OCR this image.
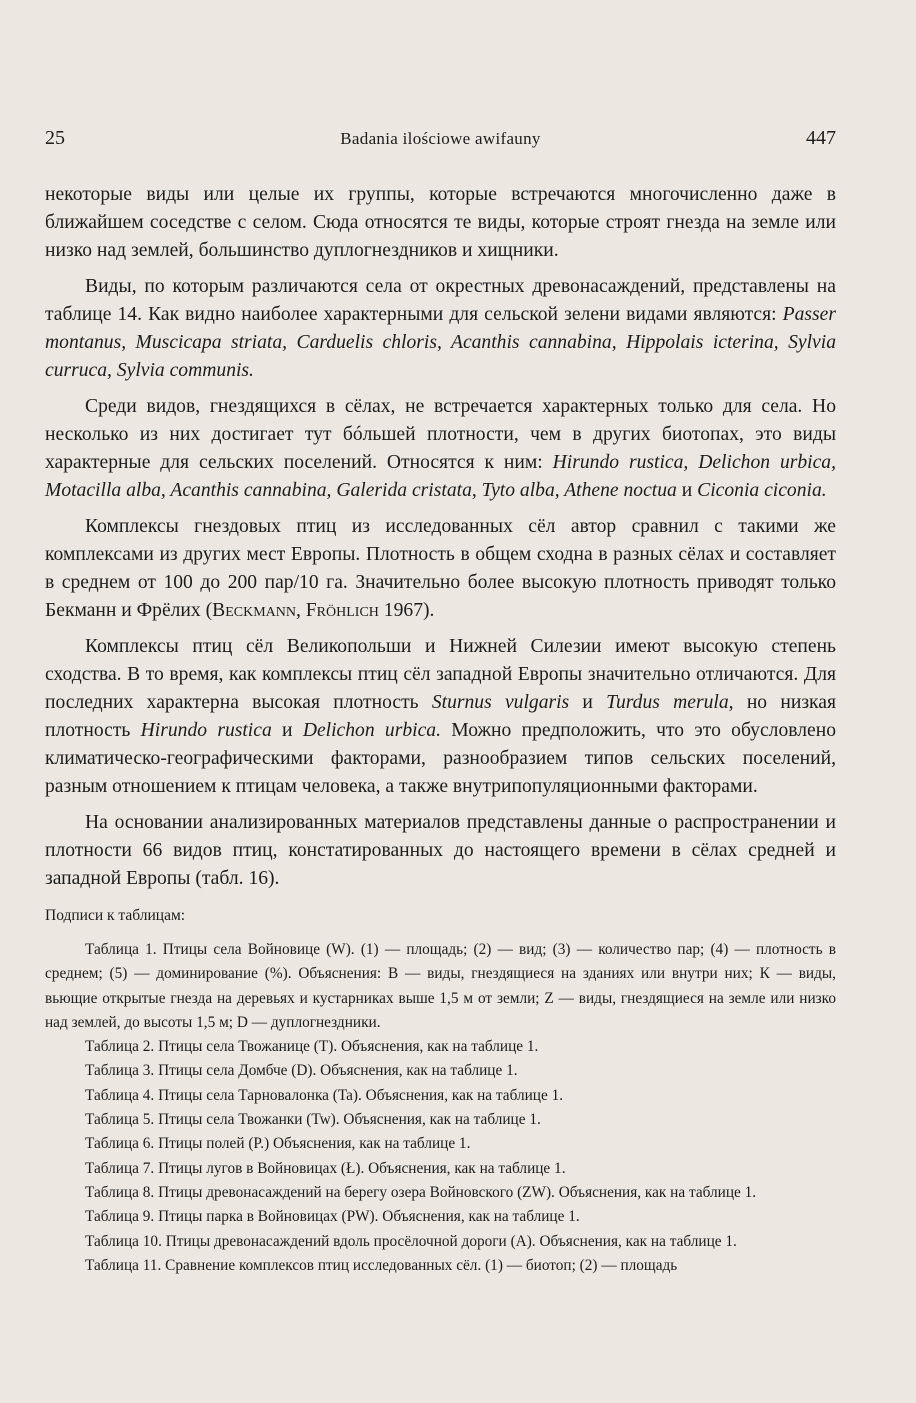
25	Badania ilościowe awifauny	447

некоторые виды или целые их группы, которые встречаются многочисленно даже в ближайшем соседстве с селом. Сюда относятся те виды, которые строят гнезда на земле или низко над землей, большинство дуплогнездников и хищники.

Виды, по которым различаются села от окрестных древонасаждений, представлены на таблице 14. Как видно наиболее характерными для сельской зелени видами являются: Passer montanus, Muscicapa striata, Carduelis chloris, Acanthis cannabina, Hippolais icterina, Sylvia curruca, Sylvia communis.

Среди видов, гнездящихся в сёлах, не встречается характерных только для села. Но несколько из них достигает тут бóльшей плотности, чем в других биотопах, это виды характерные для сельских поселений. Относятся к ним: Hirundo rustica, Delichon urbica, Motacilla alba, Acanthis cannabina, Galerida cristata, Tyto alba, Athene noctua и Ciconia ciconia.

Комплексы гнездовых птиц из исследованных сёл автор сравнил с такими же комплексами из других мест Европы. Плотность в общем сходна в разных сёлах и составляет в среднем от 100 до 200 пар/10 га. Значительно более высокую плотность приводят только Бекманн и Фрёлих (Beckmann, Fröhlich 1967).

Комплексы птиц сёл Великопольши и Нижней Силезии имеют высокую степень сходства. В то время, как комплексы птиц сёл западной Европы значительно отличаются. Для последних характерна высокая плотность Sturnus vulgaris и Turdus merula, но низкая плотность Hirundo rustica и Delichon urbica. Можно предположить, что это обусловлено климатическо-географическими факторами, разнообразием типов сельских поселений, разным отношением к птицам человека, а также внутрипопуляционными факторами.

На основании анализированных материалов представлены данные о распространении и плотности 66 видов птиц, констатированных до настоящего времени в сёлах средней и западной Европы (табл. 16).

Подписи к таблицам:

Таблица 1. Птицы села Войновице (W). (1) — площадь; (2) — вид; (3) — количество пар; (4) — плотность в среднем; (5) — доминирование (%). Объяснения: В — виды, гнездящиеся на зданиях или внутри них; К — виды, вьющие открытые гнезда на деревьях и кустарниках выше 1,5 м от земли; Z — виды, гнездящиеся на земле или низко над землей, до высоты 1,5 м; D — дуплогнездники.

Таблица 2. Птицы села Твожанице (T). Объяснения, как на таблице 1.

Таблица 3. Птицы села Домбче (D). Объяснения, как на таблице 1.

Таблица 4. Птицы села Тарновалонка (Ta). Объяснения, как на таблице 1.

Таблица 5. Птицы села Твожанки (Tw). Объяснения, как на таблице 1.

Таблица 6. Птицы полей (P.) Объяснения, как на таблице 1.

Таблица 7. Птицы лугов в Войновицах (Ł). Объяснения, как на таблице 1.

Таблица 8. Птицы древонасаждений на берегу озера Войновского (ZW). Объяснения, как на таблице 1.

Таблица 9. Птицы парка в Войновицах (PW). Объяснения, как на таблице 1.

Таблица 10. Птицы древонасаждений вдоль просёлочной дороги (A). Объяснения, как на таблице 1.

Таблица 11. Сравнение комплексов птиц исследованных сёл. (1) — биотоп; (2) — площадь
